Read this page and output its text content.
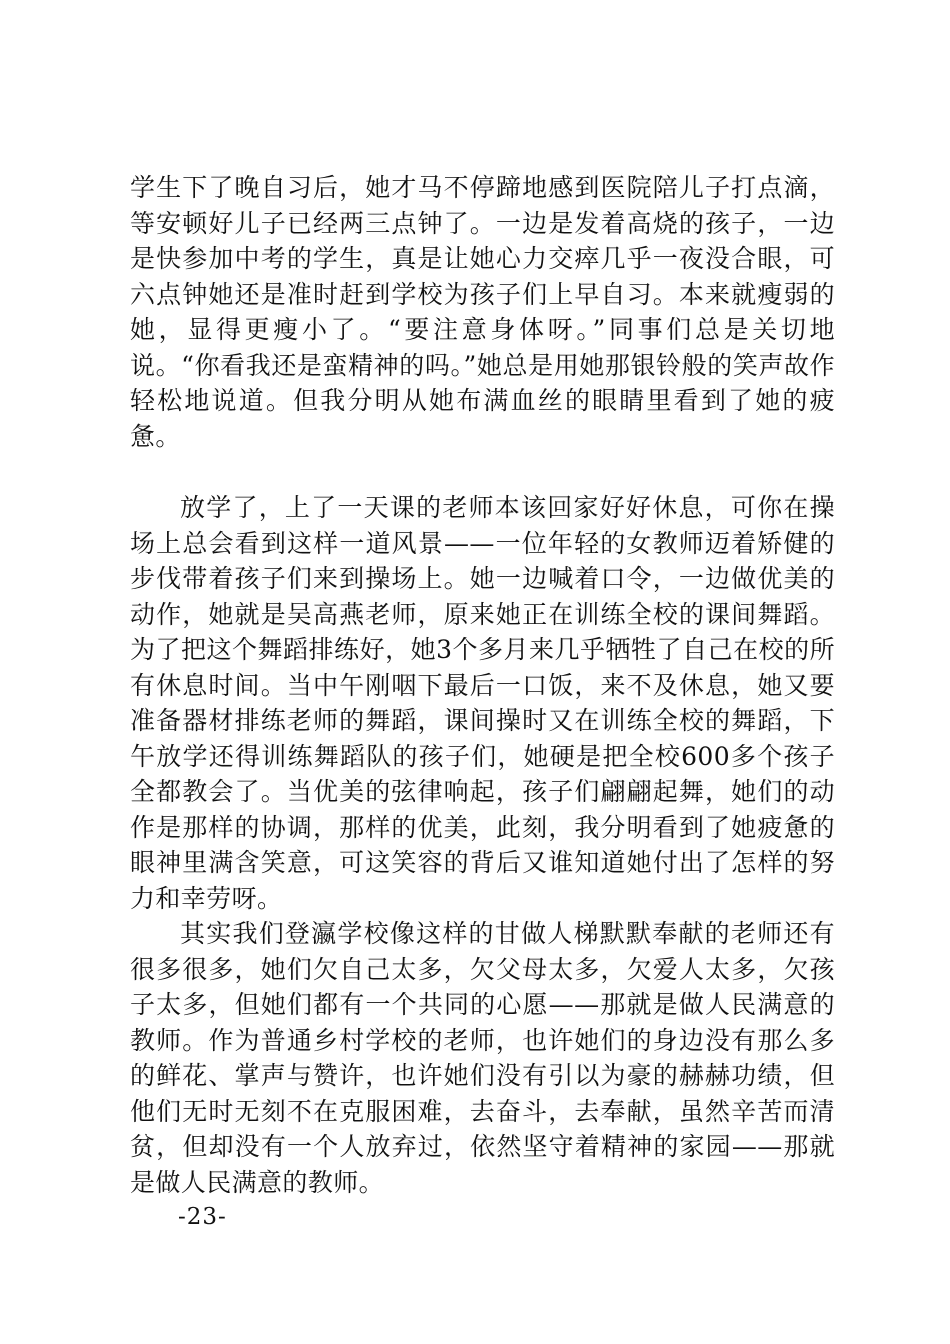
学生下了晚自习后，她才马不停蹄地感到医院陪儿子打点滴，等安顿好儿子已经两三点钟了。一边是发着高烧的孩子，一边是快参加中考的学生，真是让她心力交瘁几乎一夜没合眼，可六点钟她还是准时赶到学校为孩子们上早自习。本来就瘦弱的她，显得更瘦小了。“要注意身体呀。”同事们总是关切地说。“你看我还是蛮精神的吗。”她总是用她那银铃般的笑声故作轻松地说道。但我分明从她布满血丝的眼睛里看到了她的疲惫。

放学了，上了一天课的老师本该回家好好休息，可你在操场上总会看到这样一道风景——一位年轻的女教师迈着矫健的步伐带着孩子们来到操场上。她一边喊着口令，一边做优美的动作，她就是吴高燕老师，原来她正在训练全校的课间舞蹈。为了把这个舞蹈排练好，她3个多月来几乎牺牲了自己在校的所有休息时间。当中午刚咽下最后一口饭，来不及休息，她又要准备器材排练老师的舞蹈，课间操时又在训练全校的舞蹈，下午放学还得训练舞蹈队的孩子们，她硬是把全校600多个孩子全都教会了。当优美的弦律响起，孩子们翩翩起舞，她们的动作是那样的协调，那样的优美，此刻，我分明看到了她疲惫的眼神里满含笑意，可这笑容的背后又谁知道她付出了怎样的努力和幸劳呀。

其实我们登瀛学校像这样的甘做人梯默默奉献的老师还有很多很多，她们欠自己太多，欠父母太多，欠爱人太多，欠孩子太多，但她们都有一个共同的心愿——那就是做人民满意的教师。作为普通乡村学校的老师，也许她们的身边没有那么多的鲜花、掌声与赞许，也许她们没有引以为豪的赫赫功绩，但他们无时无刻不在克服困难，去奋斗，去奉献，虽然辛苦而清贫，但却没有一个人放弃过，依然坚守着精神的家园——那就是做人民满意的教师。

-23-
